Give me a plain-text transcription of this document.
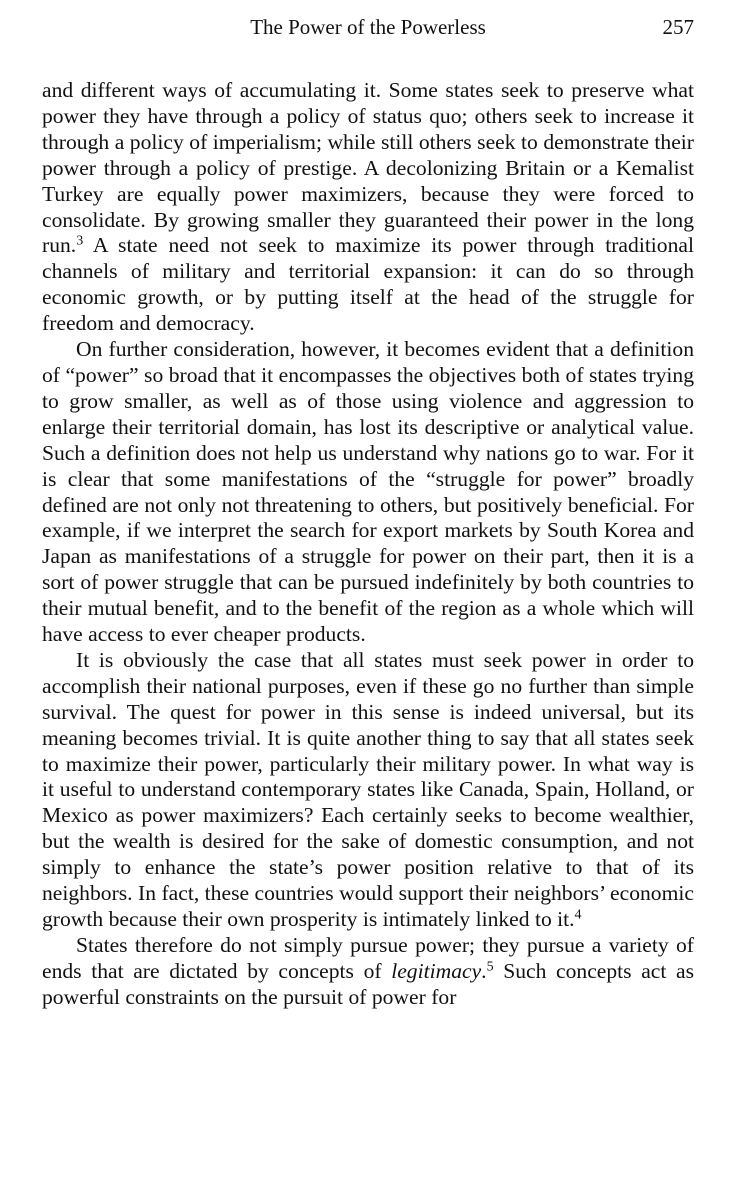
The Power of the Powerless	257

and different ways of accumulating it. Some states seek to preserve what power they have through a policy of status quo; others seek to increase it through a policy of imperialism; while still others seek to demonstrate their power through a policy of prestige. A decolonizing Britain or a Kemalist Turkey are equally power maximizers, because they were forced to consolidate. By growing smaller they guaranteed their power in the long run.$^3$ A state need not seek to maximize its power through traditional channels of military and territorial expansion: it can do so through economic growth, or by putting itself at the head of the struggle for freedom and democracy.

On further consideration, however, it becomes evident that a definition of “power” so broad that it encompasses the objectives both of states trying to grow smaller, as well as of those using violence and aggression to enlarge their territorial domain, has lost its descriptive or analytical value. Such a definition does not help us understand why nations go to war. For it is clear that some manifestations of the “struggle for power” broadly defined are not only not threatening to others, but positively beneficial. For example, if we interpret the search for export markets by South Korea and Japan as manifestations of a struggle for power on their part, then it is a sort of power struggle that can be pursued indefinitely by both countries to their mutual benefit, and to the benefit of the region as a whole which will have access to ever cheaper products.

It is obviously the case that all states must seek power in order to accomplish their national purposes, even if these go no further than simple survival. The quest for power in this sense is indeed universal, but its meaning becomes trivial. It is quite another thing to say that all states seek to maximize their power, particularly their military power. In what way is it useful to understand contemporary states like Canada, Spain, Holland, or Mexico as power maximizers? Each certainly seeks to become wealthier, but the wealth is desired for the sake of domestic consumption, and not simply to enhance the state’s power position relative to that of its neighbors. In fact, these countries would support their neighbors’ economic growth because their own prosperity is intimately linked to it.$^4$

States therefore do not simply pursue power; they pursue a variety of ends that are dictated by concepts of legitimacy.$^5$ Such concepts act as powerful constraints on the pursuit of power for
